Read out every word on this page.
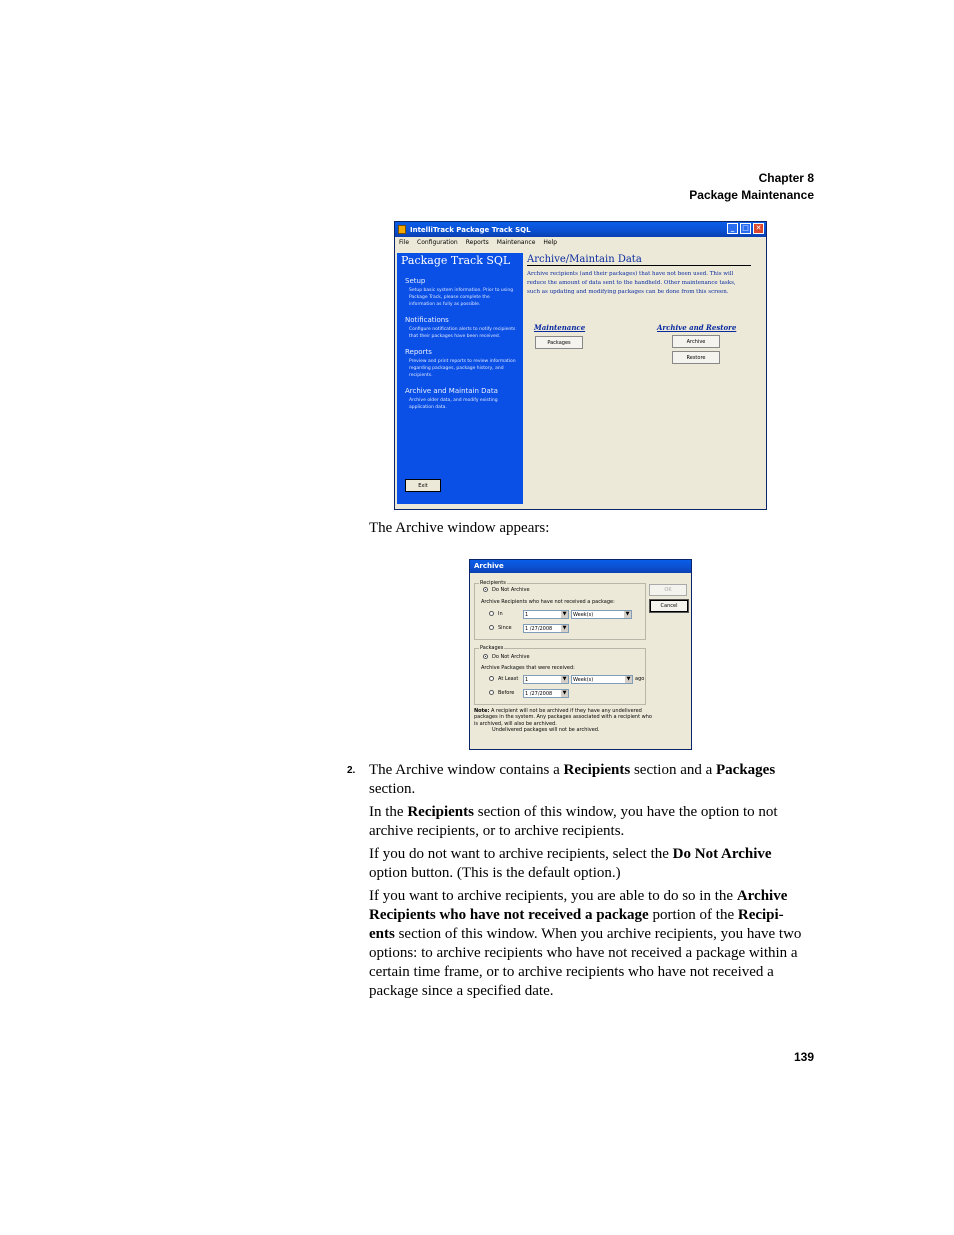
Chapter 8
Package Maintenance
IntelliTrack Package Track SQL	_	□ ✕
File Configuration Reports Maintenance Help
Package Track SQL
Setup
Setup basic system information. Prior to using Package Track, please complete the information as fully as possible.
Notifications
Configure notification alerts to notify recipients that their packages have been received.
Reports
Preview and print reports to review information regarding packages, package history, and recipients.
Archive and Maintain Data
Archive older data, and modify existing application data.
Exit
Archive/Maintain Data
Archive recipients (and their packages) that have not been used. This will reduce the amount of data sent to the handheld. Other maintenance tasks, such as updating and modifying packages can be done from this screen.
Maintenance	Archive and Restore
Packages	Archive
Restore
The Archive window appears:
Archive
Recipients
Do Not Archive
Archive Recipients who have not received a package:
In	1	▼	Week(s)	▼
Since	1 /27/2008	▼
Packages
Do Not Archive
Archive Packages that were received:
At Least	1	▼	Week(s)	▼ ago
Before	1 /27/2008	▼
OK
Cancel
Note: A recipient will not be archived if they have any undelivered packages in the system. Any packages associated with a recipient who is archived, will also be archived.
Undelivered packages will not be archived.
2. The Archive window contains a Recipients section and a Packages section.

In the Recipients section of this window, you have the option to not archive recipients, or to archive recipients.

If you do not want to archive recipients, select the Do Not Archive option button. (This is the default option.)

If you want to archive recipients, you are able to do so in the Archive Recipients who have not received a package portion of the Recipi-ents section of this window. When you archive recipients, you have two options: to archive recipients who have not received a package within a certain time frame, or to archive recipients who have not received a package since a specified date.

139
